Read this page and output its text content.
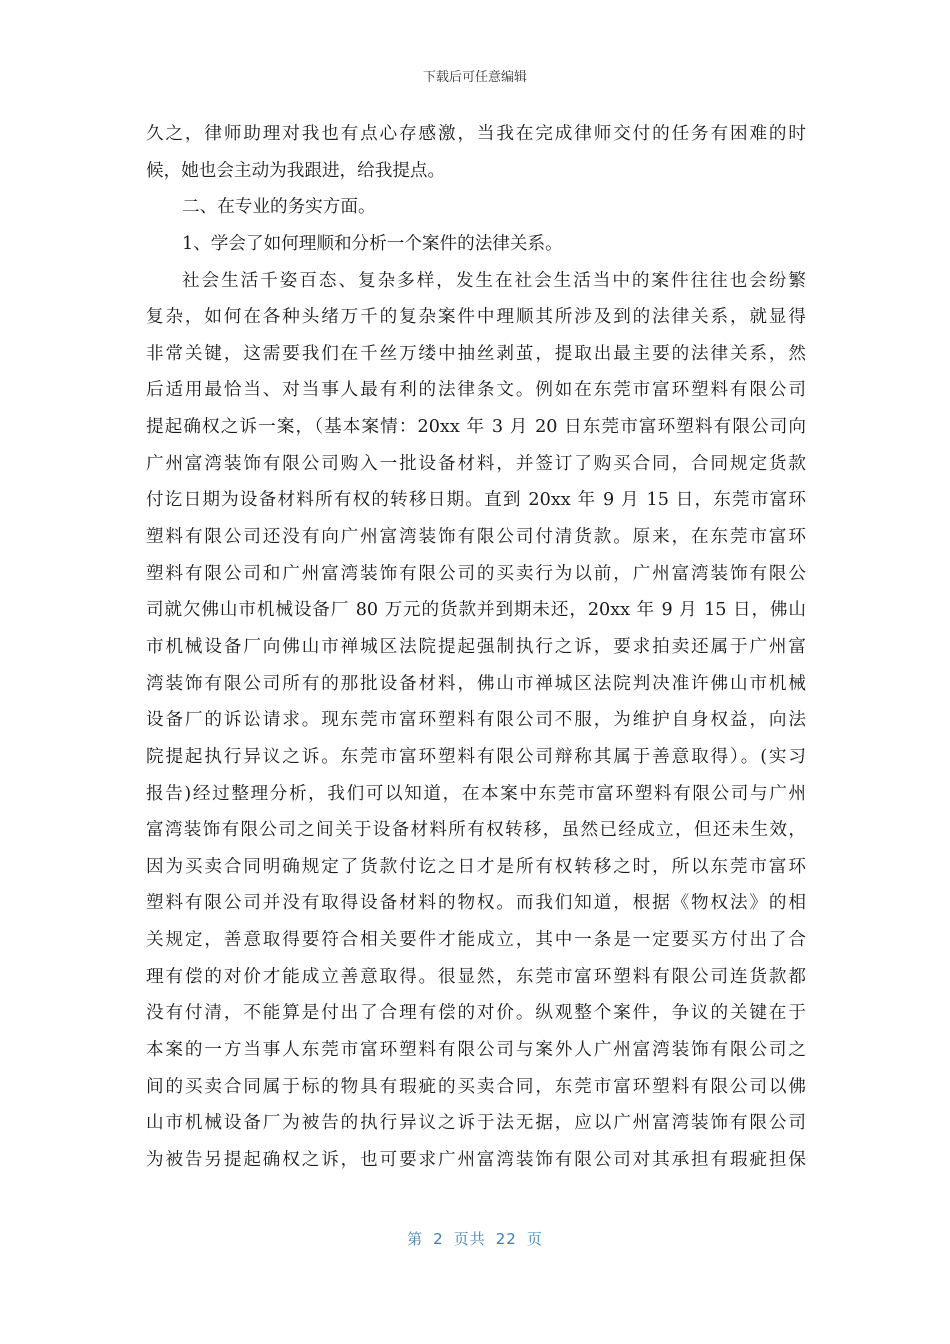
下载后可任意编辑
久之，律师助理对我也有点心存感激，当我在完成律师交付的任务有困难的时
候，她也会主动为我跟进，给我提点。
二、在专业的务实方面。
1、学会了如何理顺和分析一个案件的法律关系。
社会生活千姿百态、复杂多样，发生在社会生活当中的案件往往也会纷繁
复杂，如何在各种头绪万千的复杂案件中理顺其所涉及到的法律关系，就显得
非常关键，这需要我们在千丝万缕中抽丝剥茧，提取出最主要的法律关系，然
后适用最恰当、对当事人最有利的法律条文。例如在东莞市富环塑料有限公司
提起确权之诉一案，（基本案情：20xx 年 3 月 20 日东莞市富环塑料有限公司向
广州富湾装饰有限公司购入一批设备材料，并签订了购买合同，合同规定货款
付讫日期为设备材料所有权的转移日期。直到 20xx 年 9 月 15 日，东莞市富环
塑料有限公司还没有向广州富湾装饰有限公司付清货款。原来，在东莞市富环
塑料有限公司和广州富湾装饰有限公司的买卖行为以前，广州富湾装饰有限公
司就欠佛山市机械设备厂 80 万元的货款并到期未还，20xx 年 9 月 15 日，佛山
市机械设备厂向佛山市禅城区法院提起强制执行之诉，要求拍卖还属于广州富
湾装饰有限公司所有的那批设备材料，佛山市禅城区法院判决准许佛山市机械
设备厂的诉讼请求。现东莞市富环塑料有限公司不服，为维护自身权益，向法
院提起执行异议之诉。东莞市富环塑料有限公司辩称其属于善意取得）。(实习
报告)经过整理分析，我们可以知道，在本案中东莞市富环塑料有限公司与广州
富湾装饰有限公司之间关于设备材料所有权转移，虽然已经成立，但还未生效，
因为买卖合同明确规定了货款付讫之日才是所有权转移之时，所以东莞市富环
塑料有限公司并没有取得设备材料的物权。而我们知道，根据《物权法》的相
关规定，善意取得要符合相关要件才能成立，其中一条是一定要买方付出了合
理有偿的对价才能成立善意取得。很显然，东莞市富环塑料有限公司连货款都
没有付清，不能算是付出了合理有偿的对价。纵观整个案件，争议的关键在于
本案的一方当事人东莞市富环塑料有限公司与案外人广州富湾装饰有限公司之
间的买卖合同属于标的物具有瑕疵的买卖合同，东莞市富环塑料有限公司以佛
山市机械设备厂为被告的执行异议之诉于法无据，应以广州富湾装饰有限公司
为被告另提起确权之诉，也可要求广州富湾装饰有限公司对其承担有瑕疵担保
第 2 页共 22 页
